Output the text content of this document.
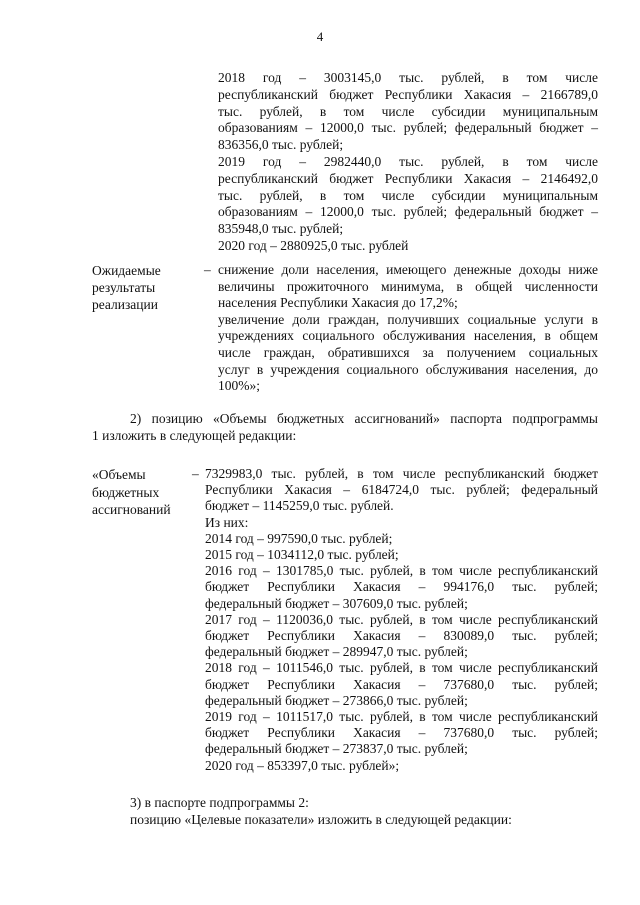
4
2018 год – 3003145,0 тыс. рублей, в том числе
республиканский бюджет Республики Хакасия – 2166789,0
тыс. рублей, в том числе субсидии муниципальным
образованиям – 12000,0 тыс. рублей; федеральный бюджет –
836356,0 тыс. рублей;
2019 год – 2982440,0 тыс. рублей, в том числе
республиканский бюджет Республики Хакасия – 2146492,0
тыс. рублей, в том числе субсидии муниципальным
образованиям – 12000,0 тыс. рублей; федеральный бюджет –
835948,0 тыс. рублей;
2020 год – 2880925,0 тыс. рублей
Ожидаемые
результаты
реализации
– снижение доли населения, имеющего денежные доходы ниже
величины прожиточного минимума, в общей численности
населения Республики Хакасия до 17,2%;
увеличение доли граждан, получивших социальные услуги в
учреждениях социального обслуживания населения, в общем
числе граждан, обратившихся за получением социальных
услуг в учреждения социального обслуживания населения, до
100%»;
2) позицию «Объемы бюджетных ассигнований» паспорта подпрограммы
1 изложить в следующей редакции:
«Объемы
бюджетных
ассигнований
– 7329983,0 тыс. рублей, в том числе республиканский бюджет
Республики Хакасия – 6184724,0 тыс. рублей; федеральный
бюджет – 1145259,0 тыс. рублей.
Из них:
2014 год – 997590,0 тыс. рублей;
2015 год – 1034112,0 тыс. рублей;
2016 год – 1301785,0 тыс. рублей, в том числе республиканский
бюджет Республики Хакасия – 994176,0 тыс. рублей;
федеральный бюджет – 307609,0 тыс. рублей;
2017 год – 1120036,0 тыс. рублей, в том числе республиканский
бюджет Республики Хакасия – 830089,0 тыс. рублей;
федеральный бюджет – 289947,0 тыс. рублей;
2018 год – 1011546,0 тыс. рублей, в том числе республиканский
бюджет Республики Хакасия – 737680,0 тыс. рублей;
федеральный бюджет – 273866,0 тыс. рублей;
2019 год – 1011517,0 тыс. рублей, в том числе республиканский
бюджет Республики Хакасия – 737680,0 тыс. рублей;
федеральный бюджет – 273837,0 тыс. рублей;
2020 год – 853397,0 тыс. рублей»;
3) в паспорте подпрограммы 2:
позицию «Целевые показатели» изложить в следующей редакции:
